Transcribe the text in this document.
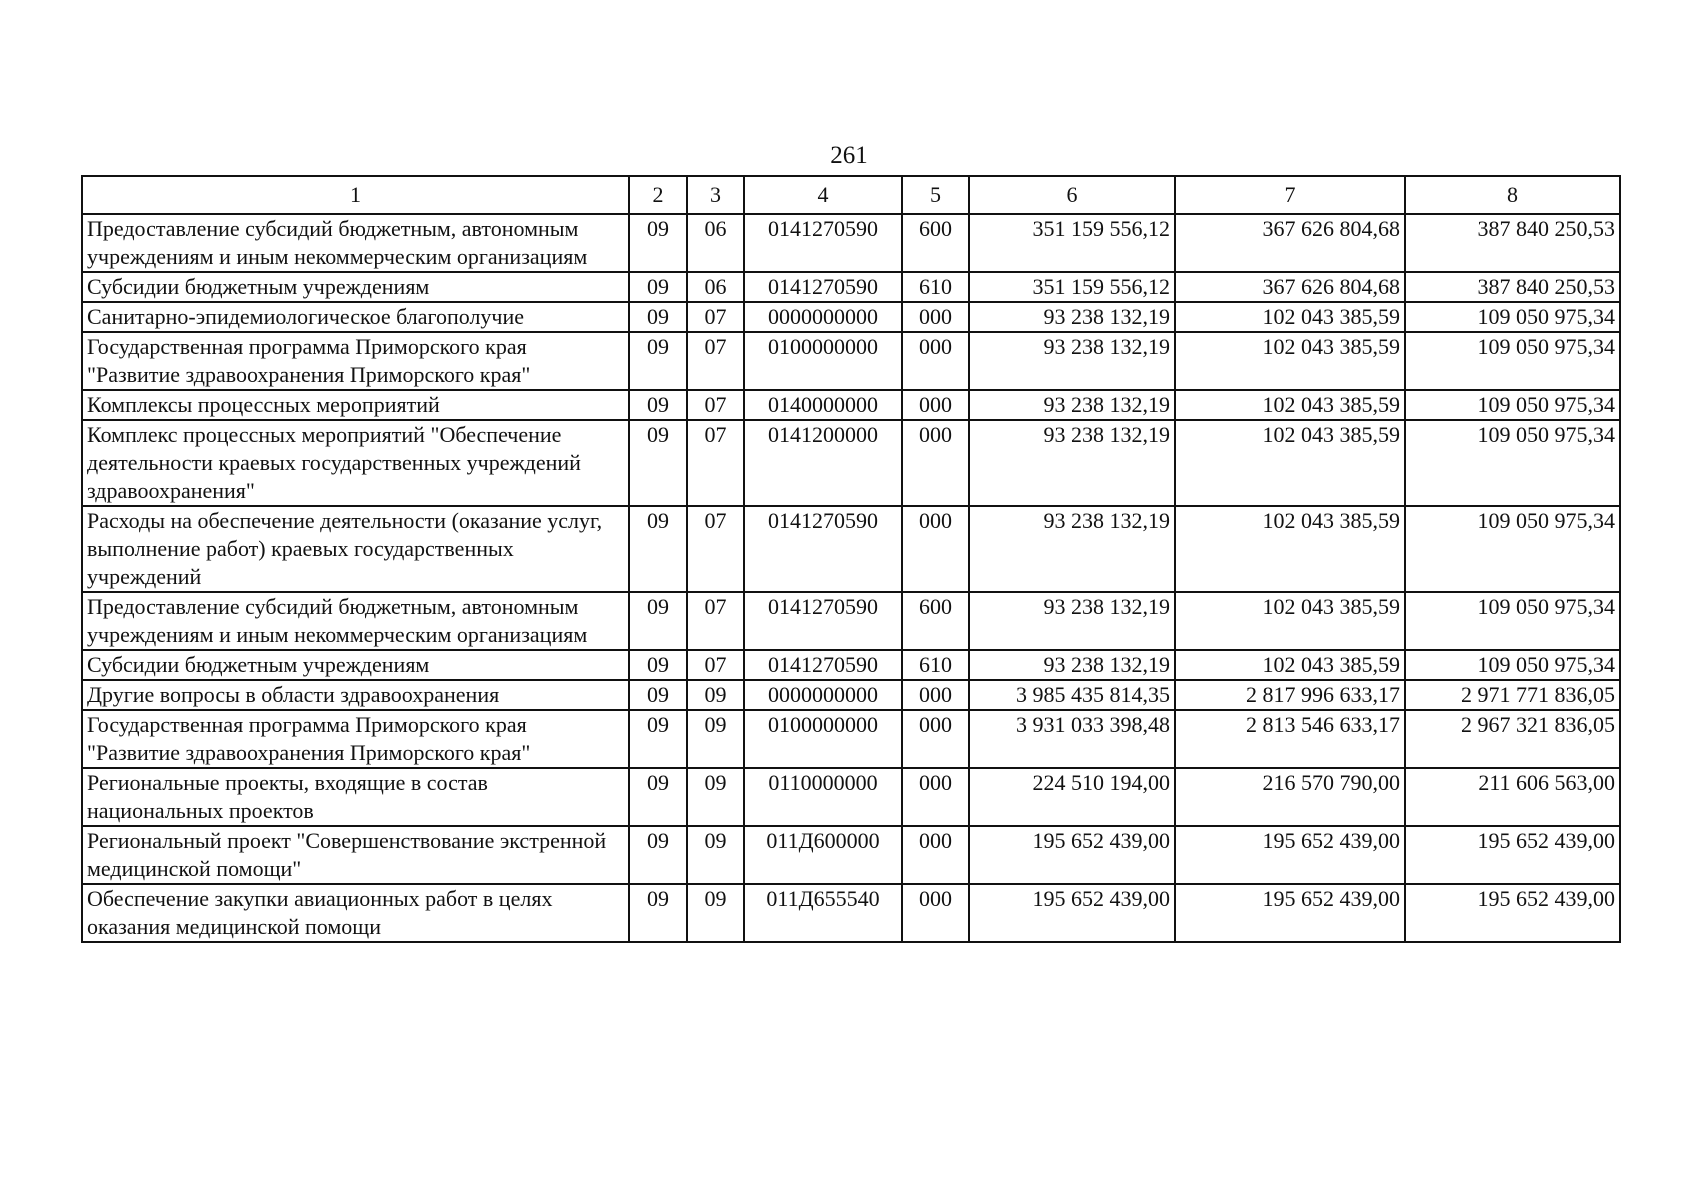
261
1	2	3	4	5	6	7	8
Предоставление субсидий бюджетным, автономным учреждениям и иным некоммерческим организациям	09	06	0141270590	600	351 159 556,12	367 626 804,68	387 840 250,53
Субсидии бюджетным учреждениям	09	06	0141270590	610	351 159 556,12	367 626 804,68	387 840 250,53
Санитарно-эпидемиологическое благополучие	09	07	0000000000	000	93 238 132,19	102 043 385,59	109 050 975,34
Государственная программа Приморского края "Развитие здравоохранения Приморского края"	09	07	0100000000	000	93 238 132,19	102 043 385,59	109 050 975,34
Комплексы процессных мероприятий	09	07	0140000000	000	93 238 132,19	102 043 385,59	109 050 975,34
Комплекс процессных мероприятий "Обеспечение деятельности краевых государственных учреждений здравоохранения"	09	07	0141200000	000	93 238 132,19	102 043 385,59	109 050 975,34
Расходы на обеспечение деятельности (оказание услуг, выполнение работ) краевых государственных учреждений	09	07	0141270590	000	93 238 132,19	102 043 385,59	109 050 975,34
Предоставление субсидий бюджетным, автономным учреждениям и иным некоммерческим организациям	09	07	0141270590	600	93 238 132,19	102 043 385,59	109 050 975,34
Субсидии бюджетным учреждениям	09	07	0141270590	610	93 238 132,19	102 043 385,59	109 050 975,34
Другие вопросы в области здравоохранения	09	09	0000000000	000	3 985 435 814,35	2 817 996 633,17	2 971 771 836,05
Государственная программа Приморского края "Развитие здравоохранения Приморского края"	09	09	0100000000	000	3 931 033 398,48	2 813 546 633,17	2 967 321 836,05
Региональные проекты, входящие в состав национальных проектов	09	09	0110000000	000	224 510 194,00	216 570 790,00	211 606 563,00
Региональный проект "Совершенствование экстренной медицинской помощи"	09	09	011Д600000	000	195 652 439,00	195 652 439,00	195 652 439,00
Обеспечение закупки авиационных работ в целях оказания медицинской помощи	09	09	011Д655540	000	195 652 439,00	195 652 439,00	195 652 439,00
